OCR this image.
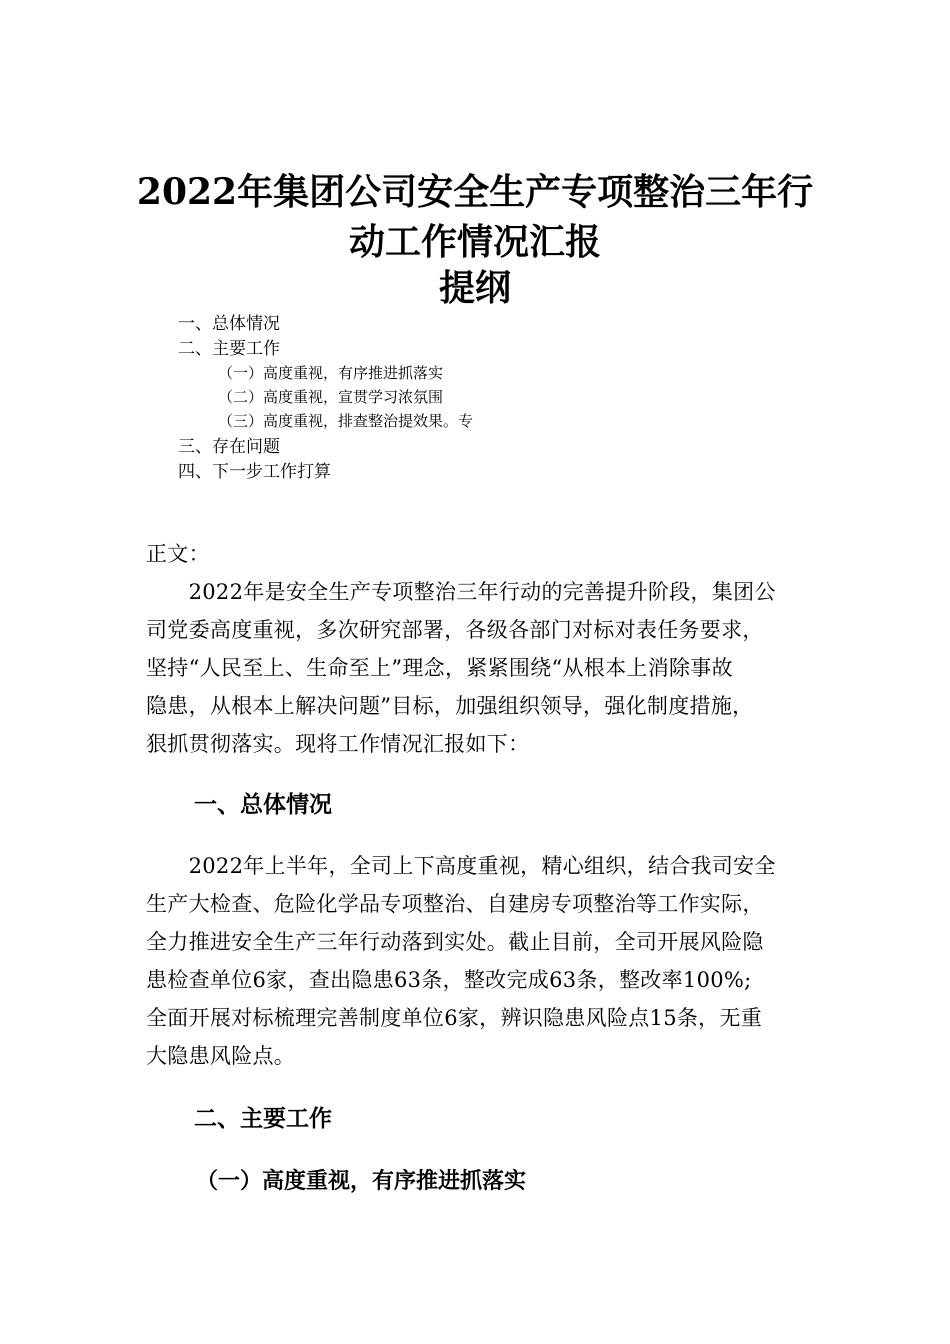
2022年集团公司安全生产专项整治三年行
动工作情况汇报
提纲
一、总体情况
二、主要工作
（一）高度重视，有序推进抓落实
（二）高度重视，宣贯学习浓氛围
（三）高度重视，排查整治提效果。专
三、存在问题
四、下一步工作打算
正文：
　　2022年是安全生产专项整治三年行动的完善提升阶段，集团公
司党委高度重视，多次研究部署，各级各部门对标对表任务要求，
坚持“人民至上、生命至上”理念，紧紧围绕“从根本上消除事故
隐患，从根本上解决问题”目标，加强组织领导，强化制度措施，
狠抓贯彻落实。现将工作情况汇报如下：
一、总体情况
　　2022年上半年，全司上下高度重视，精心组织，结合我司安全
生产大检查、危险化学品专项整治、自建房专项整治等工作实际，
全力推进安全生产三年行动落到实处。截止目前，全司开展风险隐
患检查单位6家，查出隐患63条，整改完成63条，整改率100%;
全面开展对标梳理完善制度单位6家，辨识隐患风险点15条，无重
大隐患风险点。
二、主要工作
（一）高度重视，有序推进抓落实
